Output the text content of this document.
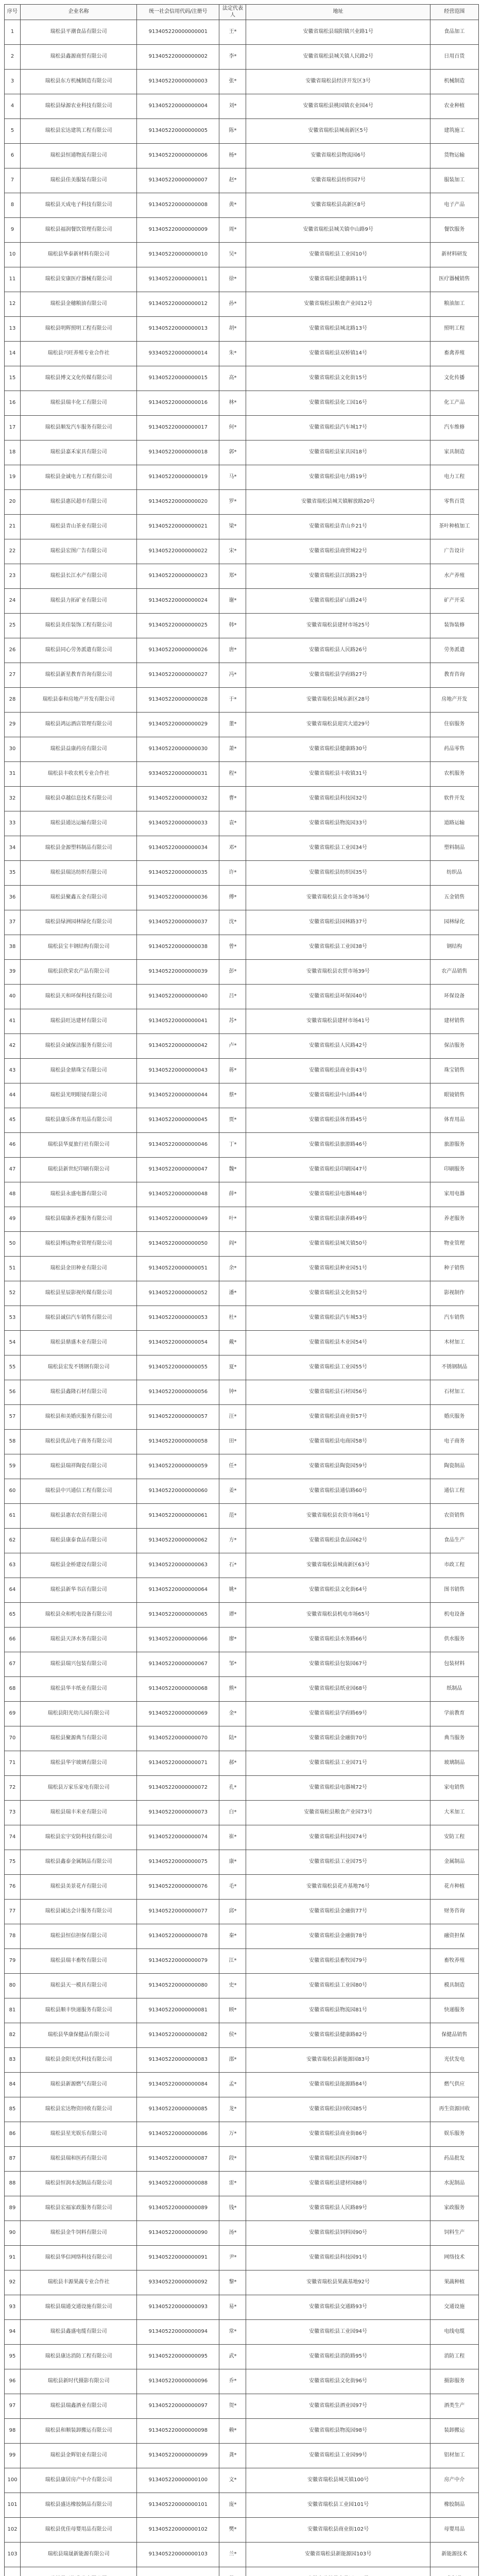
序号	企业名称	统一社会信用代码/注册号	法定代表人	地址	经营范围
1	瑞松县平潮食品有限公司	913405220000000001	王*	安徽省瑞松县瑞阳镇兴业路1号	食品加工
2	瑞松县鑫源商贸有限公司	913405220000000002	李*	安徽省瑞松县城关镇人民路2号	日用百货
3	瑞松县东方机械制造有限公司	913405220000000003	张*	安徽省瑞松县经济开发区3号	机械制造
4	瑞松县绿源农业科技有限公司	913405220000000004	刘*	安徽省瑞松县桃园镇农业园4号	农业种植
5	瑞松县宏达建筑工程有限公司	913405220000000005	陈*	安徽省瑞松县城南新区5号	建筑施工
6	瑞松县恒通物流有限公司	913405220000000006	杨*	安徽省瑞松县物流园6号	货物运输
7	瑞松县佳美服装有限公司	913405220000000007	赵*	安徽省瑞松县纺织园7号	服装加工
8	瑞松县天成电子科技有限公司	913405220000000008	黄*	安徽省瑞松县高新区8号	电子产品
9	瑞松县福润餐饮管理有限公司	913405220000000009	周*	安徽省瑞松县城关镇中山路9号	餐饮服务
10	瑞松县华泰新材料有限公司	913405220000000010	吴*	安徽省瑞松县工业园10号	新材料研发
11	瑞松县安康医疗器械有限公司	913405220000000011	徐*	安徽省瑞松县健康路11号	医疗器械销售
12	瑞松县金穗粮油有限公司	913405220000000012	孙*	安徽省瑞松县粮食产业园12号	粮油加工
13	瑞松县明辉照明工程有限公司	913405220000000013	胡*	安徽省瑞松县城北路13号	照明工程
14	瑞松县兴旺养殖专业合作社	933405220000000014	朱*	安徽省瑞松县双桥镇14号	畜禽养殖
15	瑞松县博文文化传媒有限公司	913405220000000015	高*	安徽省瑞松县文化街15号	文化传播
16	瑞松县瑞丰化工有限公司	913405220000000016	林*	安徽省瑞松县化工园16号	化工产品
17	瑞松县顺发汽车服务有限公司	913405220000000017	何*	安徽省瑞松县汽车城17号	汽车维修
18	瑞松县嘉禾家具有限公司	913405220000000018	郭*	安徽省瑞松县家具园18号	家具制造
19	瑞松县金诚电力工程有限公司	913405220000000019	马*	安徽省瑞松县电力路19号	电力工程
20	瑞松县惠民超市有限公司	913405220000000020	罗*	安徽省瑞松县城关镇解放路20号	零售百货
21	瑞松县青山茶业有限公司	913405220000000021	梁*	安徽省瑞松县青山乡21号	茶叶种植加工
22	瑞松县宏图广告有限公司	913405220000000022	宋*	安徽省瑞松县商贸城22号	广告设计
23	瑞松县长江水产有限公司	913405220000000023	郑*	安徽省瑞松县江滨路23号	水产养殖
24	瑞松县力拓矿业有限公司	913405220000000024	谢*	安徽省瑞松县矿山路24号	矿产开采
25	瑞松县美佳装饰工程有限公司	913405220000000025	韩*	安徽省瑞松县建材市场25号	装饰装修
26	瑞松县同心劳务派遣有限公司	913405220000000026	唐*	安徽省瑞松县人民路26号	劳务派遣
27	瑞松县新星教育咨询有限公司	913405220000000027	冯*	安徽省瑞松县学府路27号	教育咨询
28	瑞松县泰和房地产开发有限公司	913405220000000028	于*	安徽省瑞松县城东新区28号	房地产开发
29	瑞松县鸿运酒店管理有限公司	913405220000000029	董*	安徽省瑞松县迎宾大道29号	住宿服务
30	瑞松县益康药房有限公司	913405220000000030	萧*	安徽省瑞松县健康路30号	药品零售
31	瑞松县丰收农机专业合作社	933405220000000031	程*	安徽省瑞松县丰收镇31号	农机服务
32	瑞松县卓越信息技术有限公司	913405220000000032	曹*	安徽省瑞松县科技园32号	软件开发
33	瑞松县通达运输有限公司	913405220000000033	袁*	安徽省瑞松县物流园33号	道路运输
34	瑞松县金源塑料制品有限公司	913405220000000034	邓*	安徽省瑞松县工业园34号	塑料制品
35	瑞松县瑞达纺织有限公司	913405220000000035	许*	安徽省瑞松县纺织园35号	纺织品
36	瑞松县聚鑫五金有限公司	913405220000000036	傅*	安徽省瑞松县五金市场36号	五金销售
37	瑞松县绿洲园林绿化有限公司	913405220000000037	沈*	安徽省瑞松县园林路37号	园林绿化
38	瑞松县宝丰钢结构有限公司	913405220000000038	曾*	安徽省瑞松县工业园38号	钢结构
39	瑞松县欣荣农产品有限公司	913405220000000039	彭*	安徽省瑞松县农贸市场39号	农产品销售
40	瑞松县天和环保科技有限公司	913405220000000040	吕*	安徽省瑞松县环保园40号	环保设备
41	瑞松县旺达建材有限公司	913405220000000041	苏*	安徽省瑞松县建材市场41号	建材销售
42	瑞松县众诚保洁服务有限公司	913405220000000042	卢*	安徽省瑞松县人民路42号	保洁服务
43	瑞松县金鼎珠宝有限公司	913405220000000043	蒋*	安徽省瑞松县商业街43号	珠宝销售
44	瑞松县光明眼镜有限公司	913405220000000044	蔡*	安徽省瑞松县中山路44号	眼镜销售
45	瑞松县康乐体育用品有限公司	913405220000000045	贾*	安徽省瑞松县体育路45号	体育用品
46	瑞松县华夏旅行社有限公司	913405220000000046	丁*	安徽省瑞松县旅游路46号	旅游服务
47	瑞松县新世纪印刷有限公司	913405220000000047	魏*	安徽省瑞松县印刷园47号	印刷服务
48	瑞松县永盛电器有限公司	913405220000000048	薛*	安徽省瑞松县电器城48号	家用电器
49	瑞松县瑞康养老服务有限公司	913405220000000049	叶*	安徽省瑞松县康养路49号	养老服务
50	瑞松县博远物业管理有限公司	913405220000000050	阎*	安徽省瑞松县城关镇50号	物业管理
51	瑞松县金田种业有限公司	913405220000000051	余*	安徽省瑞松县种业园51号	种子销售
52	瑞松县星辰影视传媒有限公司	913405220000000052	潘*	安徽省瑞松县文化街52号	影视制作
53	瑞松县诚信汽车销售有限公司	913405220000000053	杜*	安徽省瑞松县汽车城53号	汽车销售
54	瑞松县鼎盛木业有限公司	913405220000000054	戴*	安徽省瑞松县木业园54号	木材加工
55	瑞松县宏发不锈钢有限公司	913405220000000055	夏*	安徽省瑞松县工业园55号	不锈钢制品
56	瑞松县鑫隆石材有限公司	913405220000000056	钟*	安徽省瑞松县石材园56号	石材加工
57	瑞松县和美婚庆服务有限公司	913405220000000057	汪*	安徽省瑞松县商业街57号	婚庆服务
58	瑞松县优品电子商务有限公司	913405220000000058	田*	安徽省瑞松县电商园58号	电子商务
59	瑞松县瑞祥陶瓷有限公司	913405220000000059	任*	安徽省瑞松县陶瓷园59号	陶瓷制品
60	瑞松县中兴通信工程有限公司	913405220000000060	姜*	安徽省瑞松县通信路60号	通信工程
61	瑞松县惠农农资有限公司	913405220000000061	范*	安徽省瑞松县农资市场61号	农资销售
62	瑞松县康泰食品有限公司	913405220000000062	方*	安徽省瑞松县食品园62号	食品生产
63	瑞松县金桥建设有限公司	913405220000000063	石*	安徽省瑞松县城南新区63号	市政工程
64	瑞松县新华书店有限公司	913405220000000064	姚*	安徽省瑞松县文化街64号	图书销售
65	瑞松县众和机电设备有限公司	913405220000000065	谭*	安徽省瑞松县机电市场65号	机电设备
66	瑞松县天泽水务有限公司	913405220000000066	廖*	安徽省瑞松县水务路66号	供水服务
67	瑞松县瑞兴包装有限公司	913405220000000067	邹*	安徽省瑞松县包装园67号	包装材料
68	瑞松县华丰纸业有限公司	913405220000000068	熊*	安徽省瑞松县纸业园68号	纸制品
69	瑞松县阳光幼儿园有限公司	913405220000000069	金*	安徽省瑞松县学府路69号	学前教育
70	瑞松县聚源典当有限公司	913405220000000070	陆*	安徽省瑞松县金融街70号	典当服务
71	瑞松县华宇玻璃有限公司	913405220000000071	郝*	安徽省瑞松县工业园71号	玻璃制品
72	瑞松县万家乐家电有限公司	913405220000000072	孔*	安徽省瑞松县电器城72号	家电销售
73	瑞松县瑞丰米业有限公司	913405220000000073	白*	安徽省瑞松县粮食产业园73号	大米加工
74	瑞松县宏宇安防科技有限公司	913405220000000074	崔*	安徽省瑞松县科技园74号	安防工程
75	瑞松县鑫泰金属制品有限公司	913405220000000075	康*	安徽省瑞松县工业园75号	金属制品
76	瑞松县美景花卉有限公司	913405220000000076	毛*	安徽省瑞松县花卉基地76号	花卉种植
77	瑞松县诚达会计服务有限公司	913405220000000077	邱*	安徽省瑞松县金融街77号	财务咨询
78	瑞松县恒信担保有限公司	913405220000000078	秦*	安徽省瑞松县金融街78号	融资担保
79	瑞松县瑞丰畜牧有限公司	913405220000000079	江*	安徽省瑞松县畜牧园79号	畜牧养殖
80	瑞松县天一模具有限公司	913405220000000080	史*	安徽省瑞松县工业园80号	模具制造
81	瑞松县顺丰快递服务有限公司	913405220000000081	顾*	安徽省瑞松县物流园81号	快递服务
82	瑞松县华康保健品有限公司	913405220000000082	侯*	安徽省瑞松县健康路82号	保健品销售
83	瑞松县金阳光伏科技有限公司	913405220000000083	邵*	安徽省瑞松县新能源园83号	光伏发电
84	瑞松县新源燃气有限公司	913405220000000084	孟*	安徽省瑞松县能源路84号	燃气供应
85	瑞松县宏达物资回收有限公司	913405220000000085	龙*	安徽省瑞松县回收园85号	再生资源回收
86	瑞松县星光娱乐有限公司	913405220000000086	万*	安徽省瑞松县商业街86号	娱乐服务
87	瑞松县瑞和医药有限公司	913405220000000087	段*	安徽省瑞松县医药园87号	药品批发
88	瑞松县恒润水泥制品有限公司	913405220000000088	雷*	安徽省瑞松县建材园88号	水泥制品
89	瑞松县宏福家政服务有限公司	913405220000000089	钱*	安徽省瑞松县人民路89号	家政服务
90	瑞松县金牛饲料有限公司	913405220000000090	汤*	安徽省瑞松县饲料园90号	饲料生产
91	瑞松县华信网络科技有限公司	913405220000000091	尹*	安徽省瑞松县科技园91号	网络技术
92	瑞松县丰源果蔬专业合作社	933405220000000092	黎*	安徽省瑞松县果蔬基地92号	果蔬种植
93	瑞松县瑞通交通设施有限公司	913405220000000093	易*	安徽省瑞松县交通路93号	交通设施
94	瑞松县鑫盛电缆有限公司	913405220000000094	常*	安徽省瑞松县工业园94号	电线电缆
95	瑞松县康达消防工程有限公司	913405220000000095	武*	安徽省瑞松县消防路95号	消防工程
96	瑞松县新时代摄影有限公司	913405220000000096	乔*	安徽省瑞松县文化街96号	摄影服务
97	瑞松县瑞鑫酒业有限公司	913405220000000097	贺*	安徽省瑞松县酒业园97号	酒类生产
98	瑞松县和顺装卸搬运有限公司	913405220000000098	赖*	安徽省瑞松县物流园98号	装卸搬运
99	瑞松县金辉铝业有限公司	913405220000000099	龚*	安徽省瑞松县工业园99号	铝材加工
100	瑞松县康居房产中介有限公司	913405220000000100	文*	安徽省瑞松县城关镇100号	房产中介
101	瑞松县盛达橡胶制品有限公司	913405220000000101	庞*	安徽省瑞松县工业园101号	橡胶制品
102	瑞松县优佳母婴用品有限公司	913405220000000102	樊*	安徽省瑞松县商业街102号	母婴用品
103	瑞松县瑞晟新能源有限公司	913405220000000103	兰*	安徽省瑞松县新能源园103号	新能源技术
